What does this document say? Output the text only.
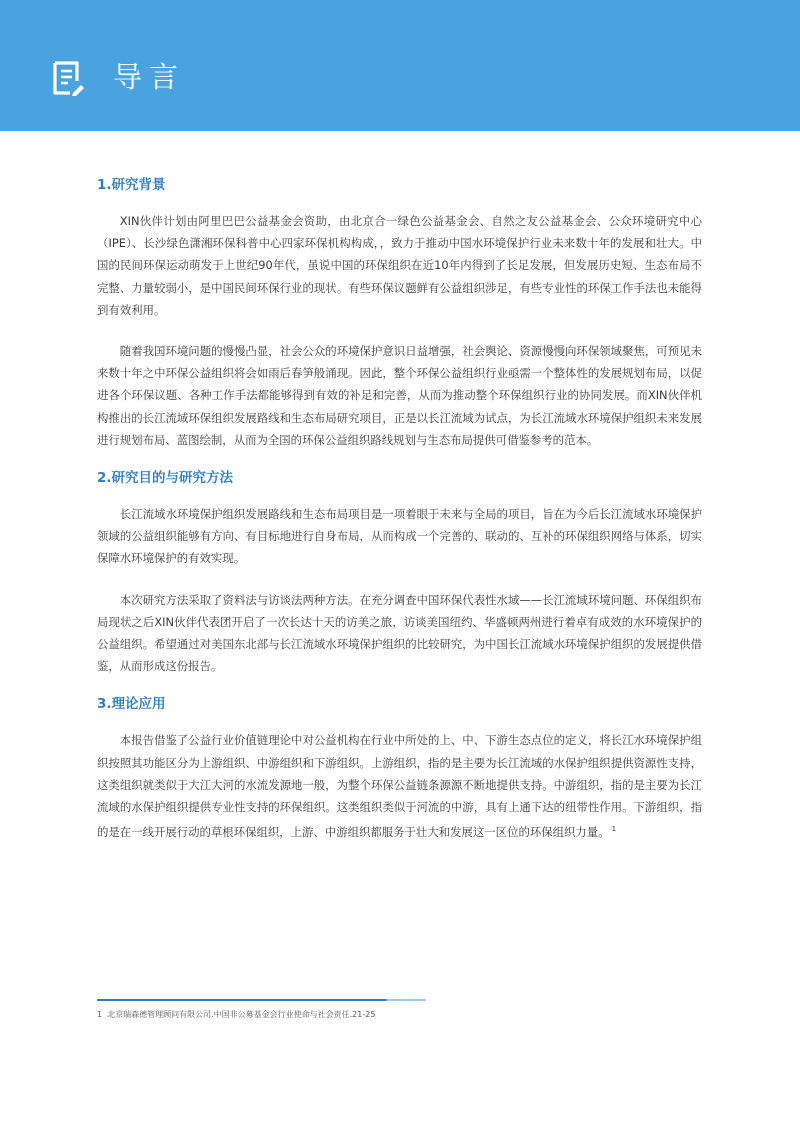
导言
1.研究背景

XIN伙伴计划由阿里巴巴公益基金会资助，由北京合一绿色公益基金会、自然之友公益基金会、公众环境研究中心（IPE）、长沙绿色潇湘环保科普中心四家环保机构构成，，致力于推动中国水环境保护行业未来数十年的发展和壮大。中国的民间环保运动萌发于上世纪90年代，虽说中国的环保组织在近10年内得到了长足发展，但发展历史短、生态布局不完整、力量较弱小，是中国民间环保行业的现状。有些环保议题鲜有公益组织涉足，有些专业性的环保工作手法也未能得到有效利用。

随着我国环境问题的慢慢凸显，社会公众的环境保护意识日益增强，社会舆论、资源慢慢向环保领域聚焦，可预见未来数十年之中环保公益组织将会如雨后春笋般涌现。因此，整个环保公益组织行业亟需一个整体性的发展规划布局，以促进各个环保议题、各种工作手法都能够得到有效的补足和完善，从而为推动整个环保组织行业的协同发展。而XIN伙伴机构推出的长江流域环保组织发展路线和生态布局研究项目，正是以长江流域为试点，为长江流域水环境保护组织未来发展进行规划布局、蓝图绘制，从而为全国的环保公益组织路线规划与生态布局提供可借鉴参考的范本。

2.研究目的与研究方法

长江流域水环境保护组织发展路线和生态布局项目是一项着眼于未来与全局的项目，旨在为今后长江流域水环境保护领域的公益组织能够有方向、有目标地进行自身布局，从而构成一个完善的、联动的、互补的环保组织网络与体系，切实保障水环境保护的有效实现。

本次研究方法采取了资料法与访谈法两种方法。在充分调查中国环保代表性水域——长江流域环境问题、环保组织布局现状之后XIN伙伴代表团开启了一次长达十天的访美之旅，访谈美国纽约、华盛顿两州进行着卓有成效的水环境保护的公益组织。希望通过对美国东北部与长江流域水环境保护组织的比较研究，为中国长江流域水环境保护组织的发展提供借鉴，从而形成这份报告。

3.理论应用

本报告借鉴了公益行业价值链理论中对公益机构在行业中所处的上、中、下游生态点位的定义，将长江水环境保护组织按照其功能区分为上游组织、中游组织和下游组织。上游组织，指的是主要为长江流域的水保护组织提供资源性支持，这类组织就类似于大江大河的水流发源地一般，为整个环保公益链条源源不断地提供支持。中游组织，指的是主要为长江流域的水保护组织提供专业性支持的环保组织。这类组织类似于河流的中游，具有上通下达的纽带性作用。下游组织，指的是在一线开展行动的草根环保组织，上游、中游组织都服务于壮大和发展这一区位的环保组织力量。 $^1$

1 北京瑞森德管理顾问有限公司.中国非公募基金会行业使命与社会责任.21-25
